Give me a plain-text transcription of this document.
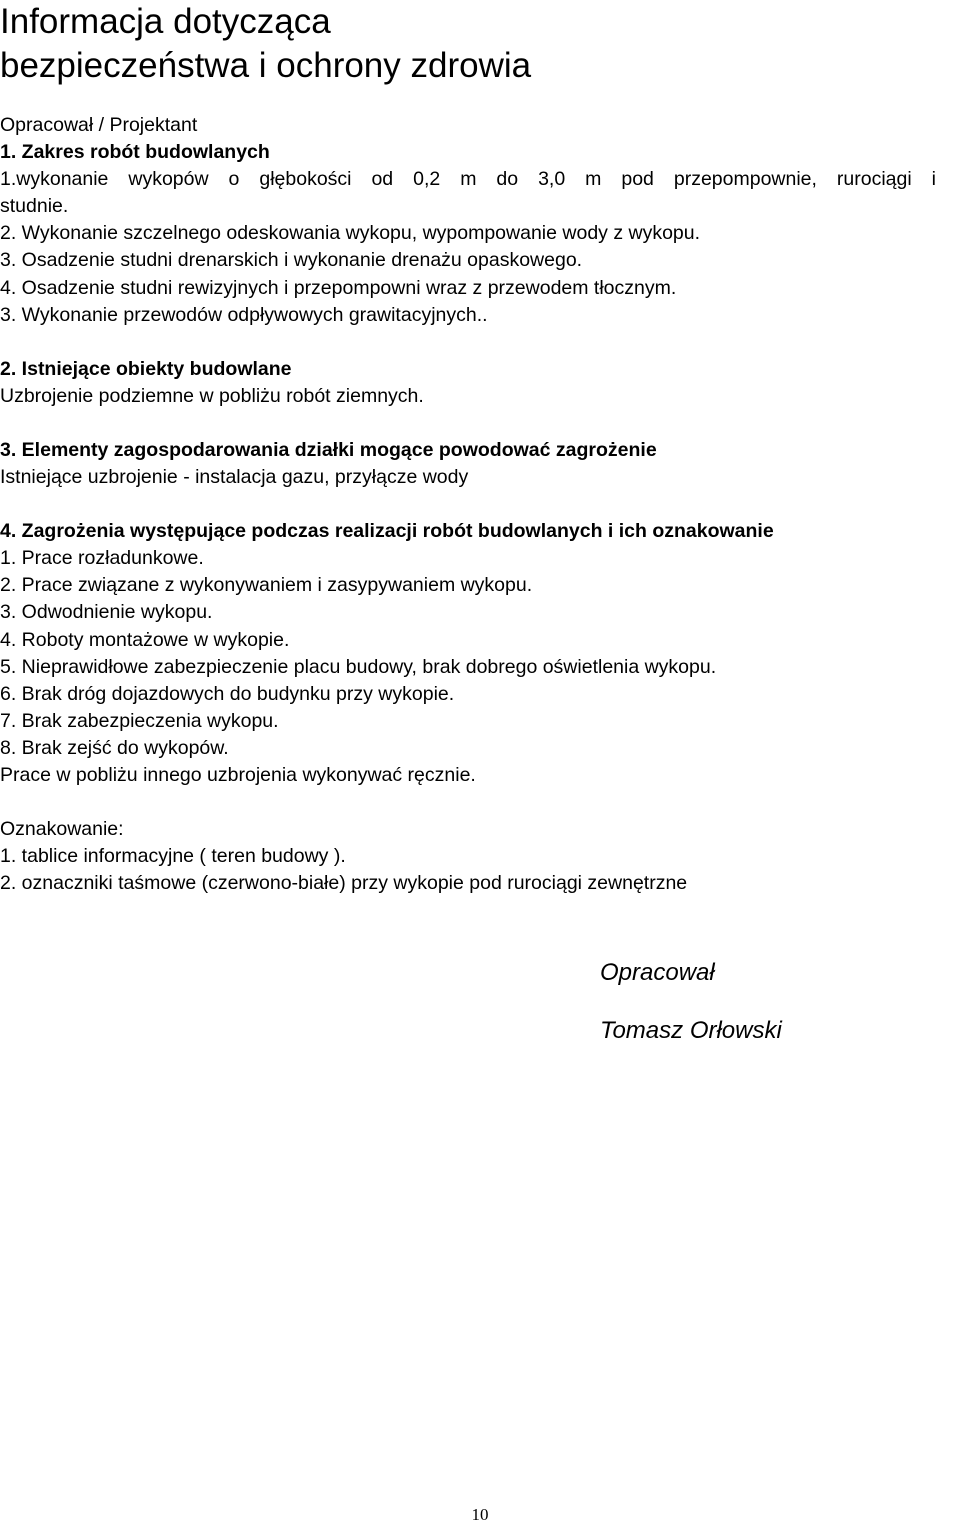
Informacja dotycząca
bezpieczeństwa i ochrony zdrowia
Opracował / Projektant
1. Zakres robót budowlanych
1.wykonanie wykopów o głębokości od 0,2 m do 3,0 m pod przepompownie, rurociągi i
studnie.
2. Wykonanie szczelnego odeskowania wykopu, wypompowanie wody z wykopu.
3. Osadzenie studni drenarskich i wykonanie drenażu opaskowego.
4. Osadzenie studni rewizyjnych i przepompowni wraz z przewodem tłocznym.
3. Wykonanie przewodów odpływowych grawitacyjnych..
2. Istniejące obiekty budowlane
Uzbrojenie podziemne w pobliżu robót ziemnych.
3. Elementy zagospodarowania działki mogące powodować zagrożenie
Istniejące uzbrojenie - instalacja gazu, przyłącze wody
4. Zagrożenia występujące podczas realizacji robót budowlanych i ich oznakowanie
1. Prace rozładunkowe.
2. Prace związane z wykonywaniem i zasypywaniem wykopu.
3. Odwodnienie wykopu.
4. Roboty montażowe w wykopie.
5. Nieprawidłowe zabezpieczenie placu budowy, brak dobrego oświetlenia wykopu.
6. Brak dróg dojazdowych do budynku przy wykopie.
7. Brak zabezpieczenia wykopu.
8. Brak zejść do wykopów.
Prace w pobliżu innego uzbrojenia wykonywać ręcznie.
Oznakowanie:
1. tablice informacyjne ( teren budowy ).
2. oznaczniki taśmowe (czerwono-białe) przy wykopie pod rurociągi zewnętrzne
Opracował
Tomasz Orłowski
10
